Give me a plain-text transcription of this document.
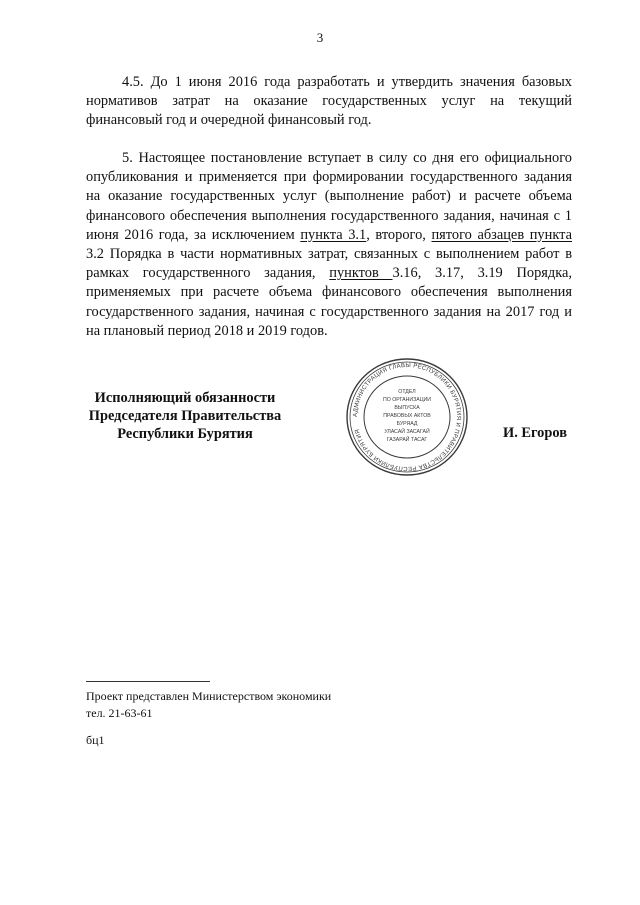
3

4.5. До 1 июня 2016 года разработать и утвердить значения базовых нормативов затрат на оказание государственных услуг на текущий финансовый год и очередной финансовый год.

5. Настоящее постановление вступает в силу со дня его официального опубликования и применяется при формировании государственного задания на оказание государственных услуг (выполнение работ) и расчете объема финансового обеспечения выполнения государственного задания, начиная с 1 июня 2016 года, за исключением пункта 3.1, второго, пятого абзацев пункта 3.2 Порядка в части нормативных затрат, связанных с выполнением работ в рамках государственного задания, пунктов 3.16, 3.17, 3.19 Порядка, применяемых при расчете объема финансового обеспечения выполнения государственного задания, начиная с государственного задания на 2017 год и на плановый период 2018 и 2019 годов.

Исполняющий обязанности
Председателя Правительства
Республики Бурятия
АДМИНИСТРАЦИЯ ГЛАВЫ РЕСПУБЛИКИ БУРЯТИЯ И ПРАВИТЕЛЬСТВА РЕСПУБЛИКИ БУРЯТИЯ
ОТДЕЛ
ПО ОРГАНИЗАЦИИ
ВЫПУСКА
ПРАВОВЫХ АКТОВ
БУРЯАД
УЛАСАЙ ЗАСАГАЙ
ГАЗАРАЙ ТАСАГ	И. Егоров
Проект представлен Министерством экономики
тел. 21-63-61
бц1
